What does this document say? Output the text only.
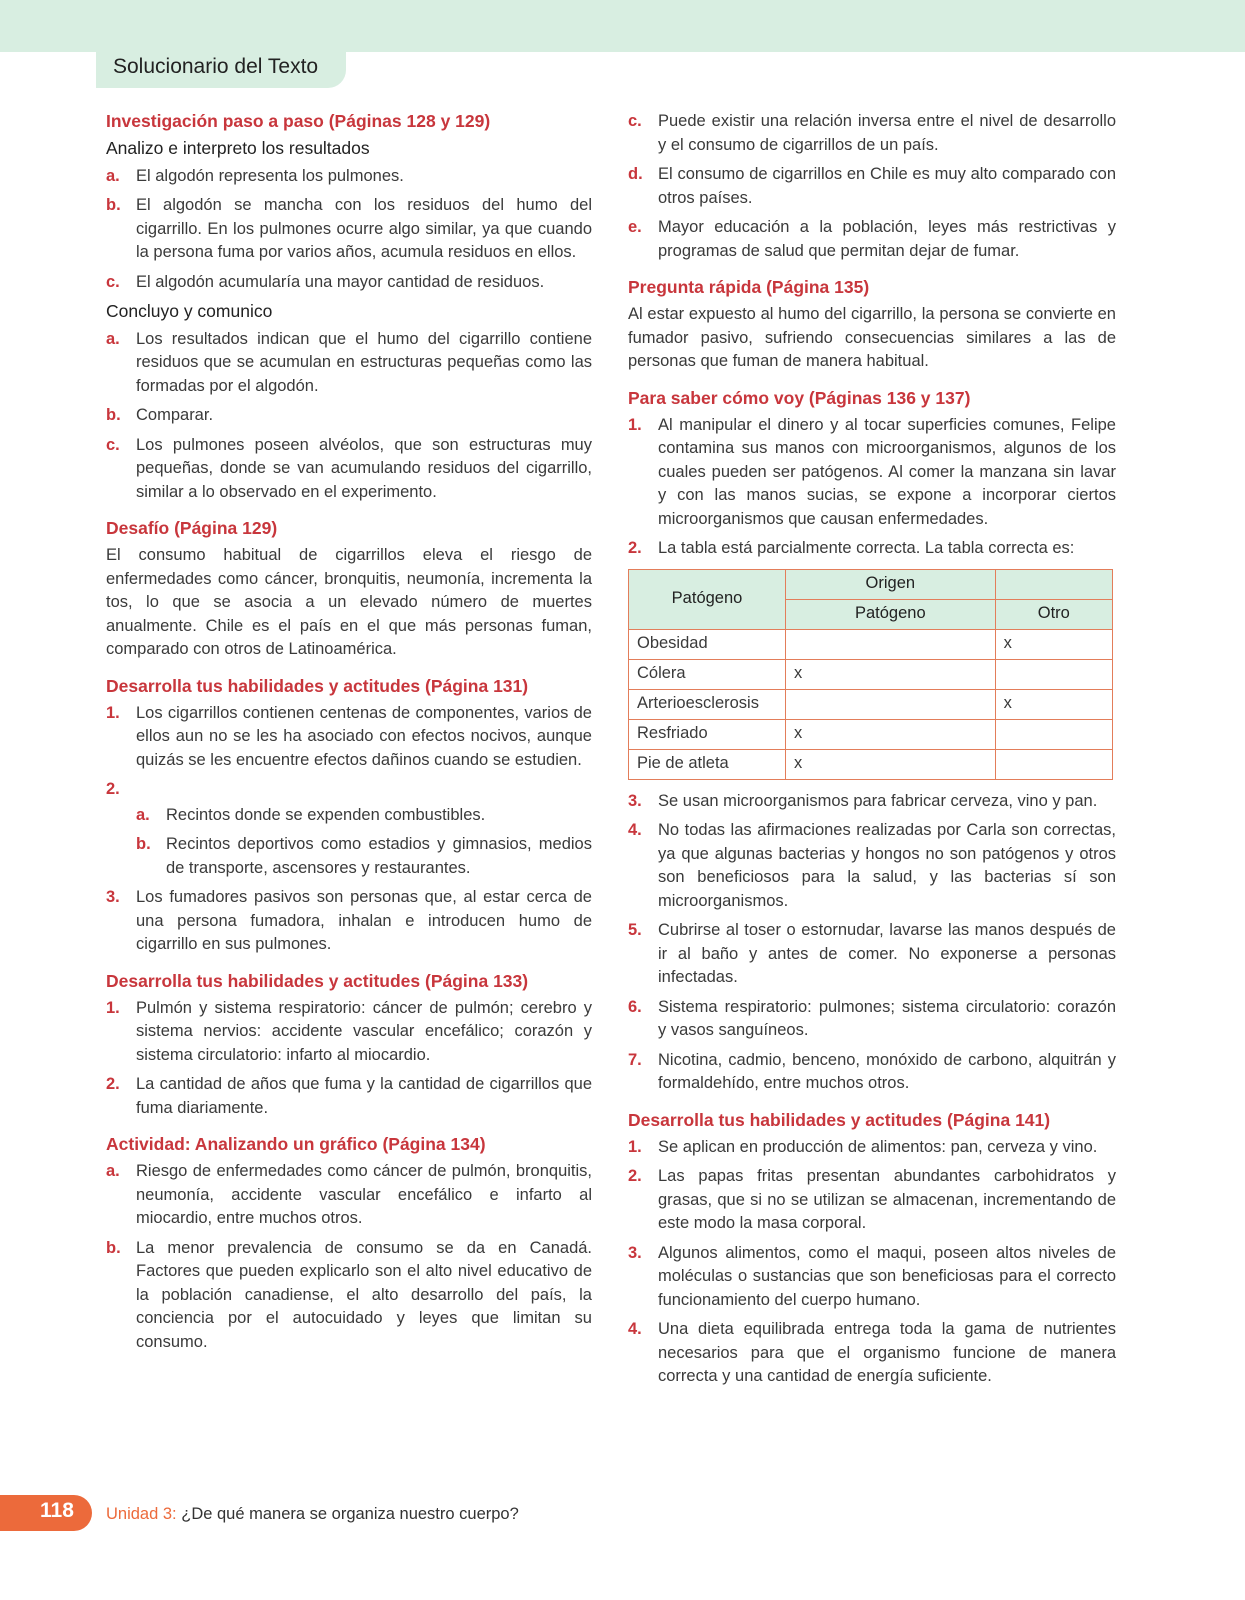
Solucionario del Texto
Investigación paso a paso (Páginas 128 y 129)
Analizo e interpreto los resultados
a. El algodón representa los pulmones.
b. El algodón se mancha con los residuos del humo del cigarrillo. En los pulmones ocurre algo similar, ya que cuando la persona fuma por varios años, acumula residuos en ellos.
c. El algodón acumularía una mayor cantidad de residuos.
Concluyo y comunico
a. Los resultados indican que el humo del cigarrillo contiene residuos que se acumulan en estructuras pequeñas como las formadas por el algodón.
b. Comparar.
c. Los pulmones poseen alvéolos, que son estructuras muy pequeñas, donde se van acumulando residuos del cigarrillo, similar a lo observado en el experimento.
Desafío (Página 129)
El consumo habitual de cigarrillos eleva el riesgo de enfermedades como cáncer, bronquitis, neumonía, incrementa la tos, lo que se asocia a un elevado número de muertes anualmente. Chile es el país en el que más personas fuman, comparado con otros de Latinoamérica.
Desarrolla tus habilidades y actitudes (Página 131)
1. Los cigarrillos contienen centenas de componentes, varios de ellos aun no se les ha asociado con efectos nocivos, aunque quizás se les encuentre efectos dañinos cuando se estudien.
2.
a. Recintos donde se expenden combustibles.
b. Recintos deportivos como estadios y gimnasios, medios de transporte, ascensores y restaurantes.
3. Los fumadores pasivos son personas que, al estar cerca de una persona fumadora, inhalan e introducen humo de cigarrillo en sus pulmones.
Desarrolla tus habilidades y actitudes (Página 133)
1. Pulmón y sistema respiratorio: cáncer de pulmón; cerebro y sistema nervios: accidente vascular encefálico; corazón y sistema circulatorio: infarto al miocardio.
2. La cantidad de años que fuma y la cantidad de cigarrillos que fuma diariamente.
Actividad: Analizando un gráfico (Página 134)
a. Riesgo de enfermedades como cáncer de pulmón, bronquitis, neumonía, accidente vascular encefálico e infarto al miocardio, entre muchos otros.
b. La menor prevalencia de consumo se da en Canadá. Factores que pueden explicarlo son el alto nivel educativo de la población canadiense, el alto desarrollo del país, la conciencia por el autocuidado y leyes que limitan su consumo.
c. Puede existir una relación inversa entre el nivel de desarrollo y el consumo de cigarrillos de un país.
d. El consumo de cigarrillos en Chile es muy alto comparado con otros países.
e. Mayor educación a la población, leyes más restrictivas y programas de salud que permitan dejar de fumar.
Pregunta rápida (Página 135)
Al estar expuesto al humo del cigarrillo, la persona se convierte en fumador pasivo, sufriendo consecuencias similares a las de personas que fuman de manera habitual.
Para saber cómo voy (Páginas 136 y 137)
1. Al manipular el dinero y al tocar superficies comunes, Felipe contamina sus manos con microorganismos, algunos de los cuales pueden ser patógenos. Al comer la manzana sin lavar y con las manos sucias, se expone a incorporar ciertos microorganismos que causan enfermedades.
2. La tabla está parcialmente correcta. La tabla correcta es:
Patógeno	Origen	
	Patógeno	Otro
Obesidad		x
Cólera	x	
Arterioesclerosis		x
Resfriado	x	
Pie de atleta	x	
3. Se usan microorganismos para fabricar cerveza, vino y pan.
4. No todas las afirmaciones realizadas por Carla son correctas, ya que algunas bacterias y hongos no son patógenos y otros son beneficiosos para la salud, y las bacterias sí son microorganismos.
5. Cubrirse al toser o estornudar, lavarse las manos después de ir al baño y antes de comer. No exponerse a personas infectadas.
6. Sistema respiratorio: pulmones; sistema circulatorio: corazón y vasos sanguíneos.
7. Nicotina, cadmio, benceno, monóxido de carbono, alquitrán y formaldehído, entre muchos otros.
Desarrolla tus habilidades y actitudes (Página 141)
1. Se aplican en producción de alimentos: pan, cerveza y vino.
2. Las papas fritas presentan abundantes carbohidratos y grasas, que si no se utilizan se almacenan, incrementando de este modo la masa corporal.
3. Algunos alimentos, como el maqui, poseen altos niveles de moléculas o sustancias que son beneficiosas para el correcto funcionamiento del cuerpo humano.
4. Una dieta equilibrada entrega toda la gama de nutrientes necesarios para que el organismo funcione de manera correcta y una cantidad de energía suficiente.
118 Unidad 3: ¿De qué manera se organiza nuestro cuerpo?
